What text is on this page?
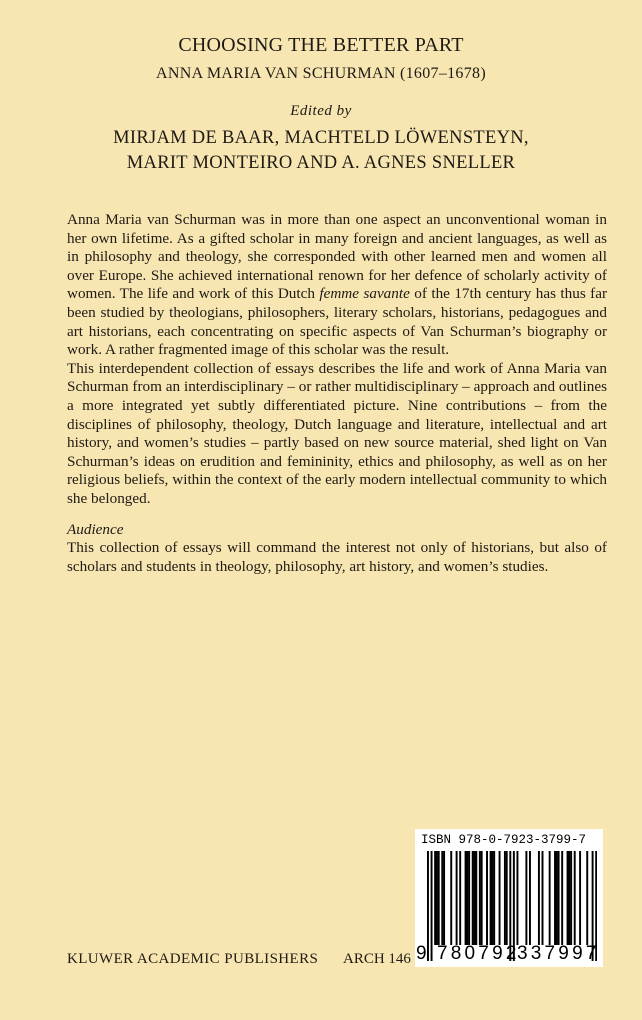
CHOOSING THE BETTER PART
ANNA MARIA VAN SCHURMAN (1607–1678)
Edited by
MIRJAM DE BAAR, MACHTELD LÖWENSTEYN,
MARIT MONTEIRO AND A. AGNES SNELLER

Anna Maria van Schurman was in more than one aspect an unconventional woman in her own lifetime. As a gifted scholar in many foreign and ancient languages, as well as in philosophy and theology, she corresponded with other learned men and women all over Europe. She achieved international renown for her defence of scholarly activity of women. The life and work of this Dutch femme savante of the 17th century has thus far been studied by theologians, philosophers, literary scholars, historians, pedagogues and art historians, each concentrating on specific aspects of Van Schurman’s biography or work. A rather fragmented image of this scholar was the result.

This interdependent collection of essays describes the life and work of Anna Maria van Schurman from an interdisciplinary – or rather multidisciplinary – approach and outlines a more integrated yet subtly differentiated picture. Nine contributions – from the disciplines of philosophy, theology, Dutch language and literature, intellectual and art history, and women’s studies – partly based on new source material, shed light on Van Schurman’s ideas on erudition and femininity, ethics and philosophy, as well as on her religious beliefs, within the context of the early modern intellectual community to which she belonged.

Audience

This collection of essays will command the interest not only of historians, but also of scholars and students in theology, philosophy, art history, and women’s studies.

KLUWER ACADEMIC PUBLISHERS ARCH 146
ISBN 978-0-7923-3799-7
9 780792
337997
